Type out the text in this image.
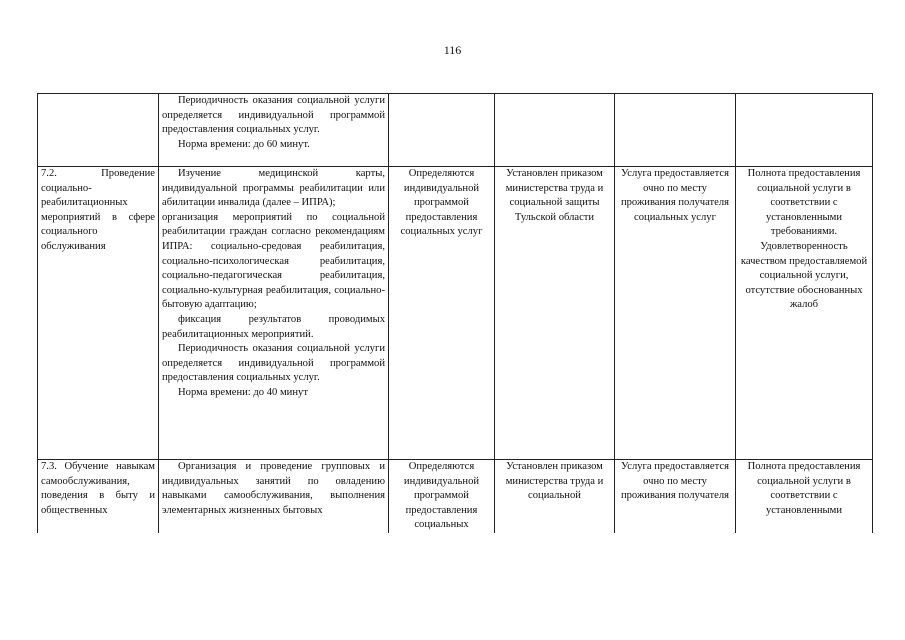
116

	Периодичность оказания социальной услуги определяется индивидуальной программой предоставления социальных услуг.

Норма времени: до 60 минут.				

7.2. Проведение социально-реабилитационных мероприятий в сфере социального обслуживания	Изучение медицинской карты, индивидуальной программы реабилитации или абилитации инвалида (далее – ИПРА);

организация мероприятий по социальной реабилитации граждан согласно рекомендациям ИПРА: социально-средовая реабилитация, социально-психологическая реабилитация, социально-педагогическая реабилитация, социально-культурная реабилитация, социально-бытовую адаптацию;

фиксация результатов проводимых реабилитационных мероприятий.

Периодичность оказания социальной услуги определяется индивидуальной программой предоставления социальных услуг.

Норма времени: до 40 минут	Определяются индивидуальной программой предоставления социальных услуг	Установлен приказом министерства труда и социальной защиты Тульской области	Услуга предоставляется очно по месту проживания получателя социальных услуг	Полнота предоставления социальной услуги в соответствии с установленными требованиями. Удовлетворенность качеством предоставляемой социальной услуги, отсутствие обоснованных жалоб

7.3. Обучение навыкам самообслуживания, поведения в быту и общественных	Организация и проведение групповых и индивидуальных занятий по овладению навыками самообслуживания, выполнения элементарных жизненных бытовых	Определяются индивидуальной программой предоставления социальных	Установлен приказом министерства труда и социальной	Услуга предоставляется очно по месту проживания получателя	Полнота предоставления социальной услуги в соответствии с установленными
